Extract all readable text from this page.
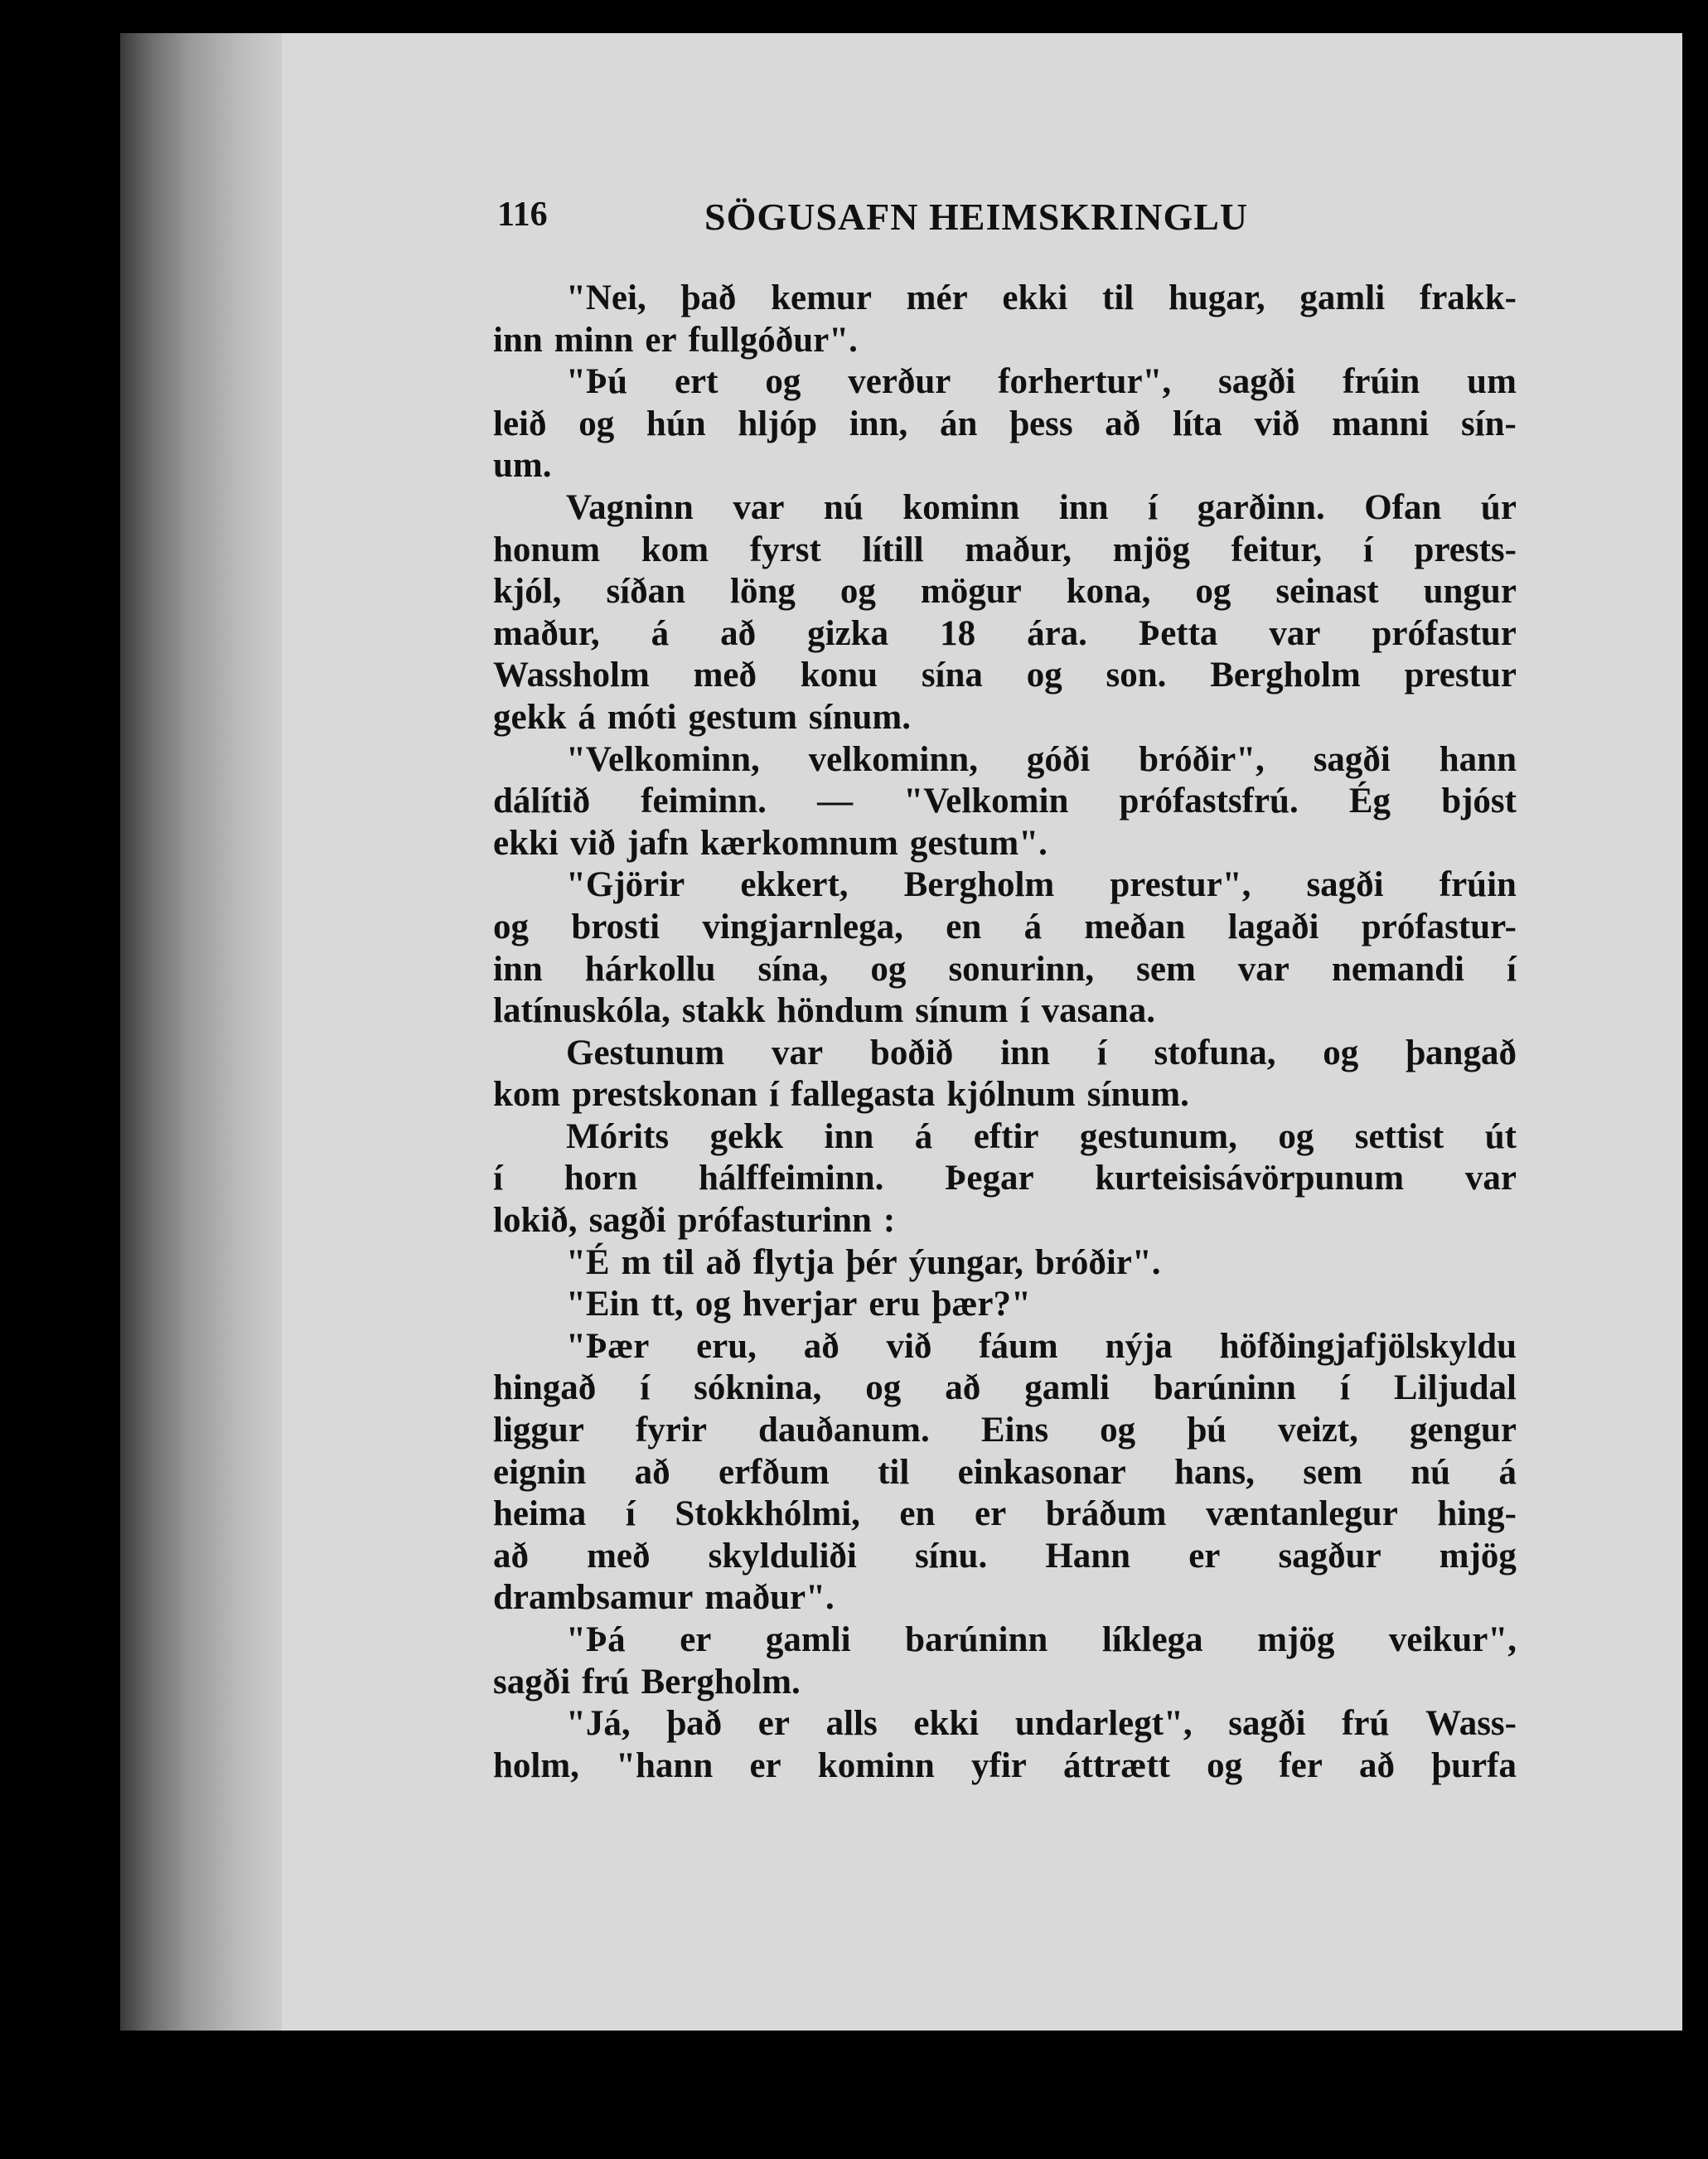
116	SÖGUSAFN HEIMSKRINGLU
"Nei, það kemur mér ekki til hugar, gamli frakk-
inn minn er fullgóður".
"Þú ert og verður forhertur", sagði frúin um
leið og hún hljóp inn, án þess að líta við manni sín-
um.
Vagninn var nú kominn inn í garðinn. Ofan úr
honum kom fyrst lítill maður, mjög feitur, í prests-
kjól, síðan löng og mögur kona, og seinast ungur
maður, á að gizka 18 ára. Þetta var prófastur
Wassholm með konu sína og son. Bergholm prestur
gekk á móti gestum sínum.
"Velkominn, velkominn, góði bróðir", sagði hann
dálítið feiminn. — "Velkomin prófastsfrú. Ég bjóst
ekki við jafn kærkomnum gestum".
"Gjörir ekkert, Bergholm prestur", sagði frúin
og brosti vingjarnlega, en á meðan lagaði prófastur-
inn hárkollu sína, og sonurinn, sem var nemandi í
latínuskóla, stakk höndum sínum í vasana.
Gestunum var boðið inn í stofuna, og þangað
kom prestskonan í fallegasta kjólnum sínum.
Mórits gekk inn á eftir gestunum, og settist út
í horn hálffeiminn. Þegar kurteisisávörpunum var
lokið, sagði prófasturinn :
"É m til að flytja þér ýungar, bróðir".
"Ein tt, og hverjar eru þær?"
"Þær eru, að við fáum nýja höfðingjafjölskyldu
hingað í sóknina, og að gamli barúninn í Liljudal
liggur fyrir dauðanum. Eins og þú veizt, gengur
eignin að erfðum til einkasonar hans, sem nú á
heima í Stokkhólmi, en er bráðum væntanlegur hing-
að með skylduliði sínu. Hann er sagður mjög
drambsamur maður".
"Þá er gamli barúninn líklega mjög veikur",
sagði frú Bergholm.
"Já, það er alls ekki undarlegt", sagði frú Wass-
holm, "hann er kominn yfir áttrætt og fer að þurfa
